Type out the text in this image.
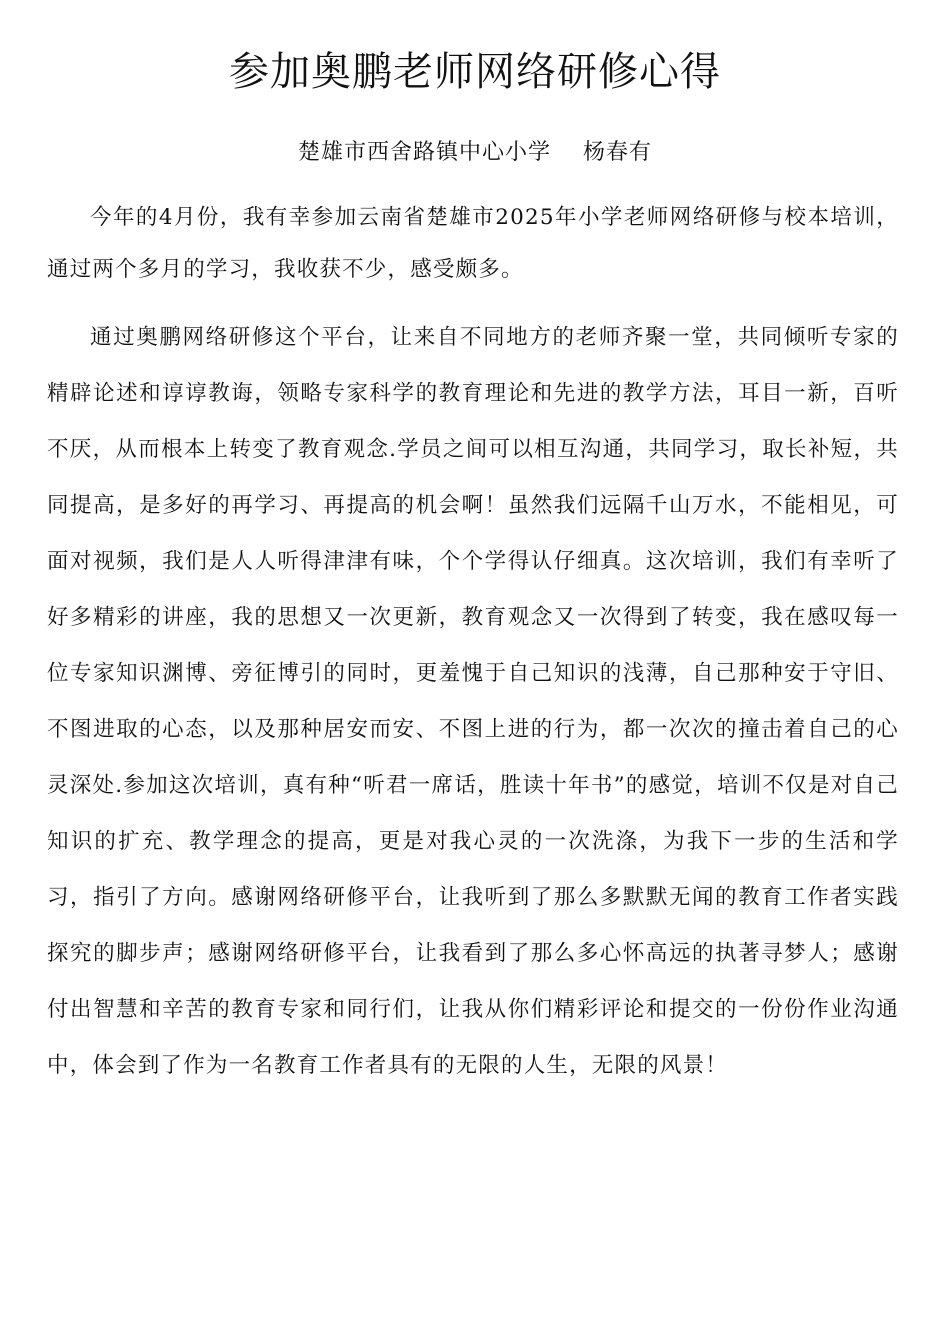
参加奥鹏老师网络研修心得
楚雄市西舍路镇中心小学    杨春有

今年的4月份，我有幸参加云南省楚雄市2025年小学老师网络研修与校本培训，通过两个多月的学习，我收获不少，感受颇多。

通过奥鹏网络研修这个平台，让来自不同地方的老师齐聚一堂，共同倾听专家的精辟论述和谆谆教诲，领略专家科学的教育理论和先进的教学方法，耳目一新，百听不厌，从而根本上转变了教育观念.学员之间可以相互沟通，共同学习，取长补短，共同提高，是多好的再学习、再提高的机会啊！虽然我们远隔千山万水，不能相见，可面对视频，我们是人人听得津津有味，个个学得认仔细真。这次培训，我们有幸听了好多精彩的讲座，我的思想又一次更新，教育观念又一次得到了转变，我在感叹每一位专家知识渊博、旁征博引的同时，更羞愧于自己知识的浅薄，自己那种安于守旧、不图进取的心态，以及那种居安而安、不图上进的行为，都一次次的撞击着自己的心灵深处.参加这次培训，真有种“听君一席话，胜读十年书”的感觉，培训不仅是对自己知识的扩充、教学理念的提高，更是对我心灵的一次洗涤，为我下一步的生活和学习，指引了方向。感谢网络研修平台，让我听到了那么多默默无闻的教育工作者实践探究的脚步声；感谢网络研修平台，让我看到了那么多心怀高远的执著寻梦人；感谢付出智慧和辛苦的教育专家和同行们，让我从你们精彩评论和提交的一份份作业沟通中，体会到了作为一名教育工作者具有的无限的人生，无限的风景！
